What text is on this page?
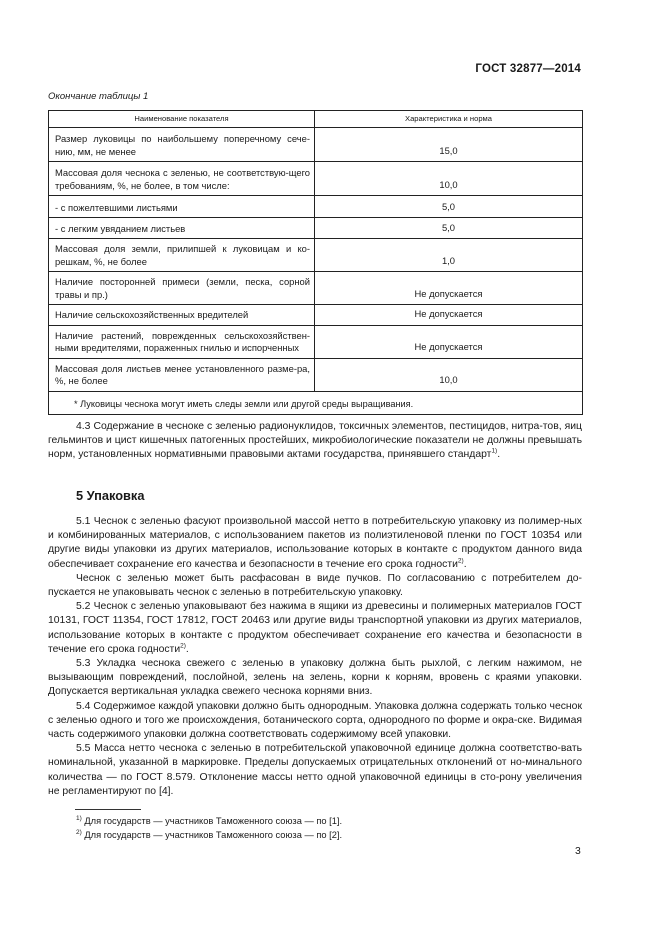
ГОСТ 32877—2014
Окончание таблицы 1
Наименование показателя	Характеристика и норма
Размер луковицы по наибольшему поперечному сече-нию, мм, не менее	15,0
Массовая доля чеснока с зеленью, не соответствую-щего требованиям, %, не более, в том числе:	10,0
- с пожелтевшими листьями	5,0
- с легким увяданием листьев	5,0
Массовая доля земли, прилипшей к луковицам и ко-решкам, %, не более	1,0
Наличие посторонней примеси (земли, песка, сорной травы и пр.)	Не допускается
Наличие сельскохозяйственных вредителей	Не допускается
Наличие растений, поврежденных сельскохозяйствен-ными вредителями, пораженных гнилью и испорченных	Не допускается
Массовая доля листьев менее установленного разме-ра, %, не более	10,0
* Луковицы чеснока могут иметь следы земли или другой среды выращивания.	

4.3 Содержание в чесноке с зеленью радионуклидов, токсичных элементов, пестицидов, нитра-тов, яиц гельминтов и цист кишечных патогенных простейших, микробиологические показатели не должны превышать норм, установленных нормативными правовыми актами государства, принявшего стандарт$^{1)}$.

5 Упаковка

5.1 Чеснок с зеленью фасуют произвольной массой нетто в потребительскую упаковку из полимер-ных и комбинированных материалов, с использованием пакетов из полиэтиленовой пленки по ГОСТ 10354 или другие виды упаковки из других материалов, использование которых в контакте с продуктом данного вида обеспечивает сохранение его качества и безопасности в течение его срока годности$^{2)}$.

Чеснок с зеленью может быть расфасован в виде пучков. По согласованию с потребителем до-пускается не упаковывать чеснок с зеленью в потребительскую упаковку.

5.2 Чеснок с зеленью упаковывают без нажима в ящики из древесины и полимерных материалов ГОСТ 10131, ГОСТ 11354, ГОСТ 17812, ГОСТ 20463 или другие виды транспортной упаковки из других материалов, использование которых в контакте с продуктом обеспечивает сохранение его качества и безопасности в течение его срока годности$^{2)}$.

5.3 Укладка чеснока свежего с зеленью в упаковку должна быть рыхлой, с легким нажимом, не вызывающим повреждений, послойной, зелень на зелень, корни к корням, вровень с краями упаковки. Допускается вертикальная укладка свежего чеснока корнями вниз.

5.4 Содержимое каждой упаковки должно быть однородным. Упаковка должна содержать только чеснок с зеленью одного и того же происхождения, ботанического сорта, однородного по форме и окра-ске. Видимая часть содержимого упаковки должна соответствовать содержимому всей упаковки.

5.5 Масса нетто чеснока с зеленью в потребительской упаковочной единице должна соответство-вать номинальной, указанной в маркировке. Пределы допускаемых отрицательных отклонений от но-минального количества — по ГОСТ 8.579. Отклонение массы нетто одной упаковочной единицы в сто-рону увеличения не регламентируют по [4].

$^{1)}$ Для государств — участников Таможенного союза — по [1].
$^{2)}$ Для государств — участников Таможенного союза — по [2].
3
